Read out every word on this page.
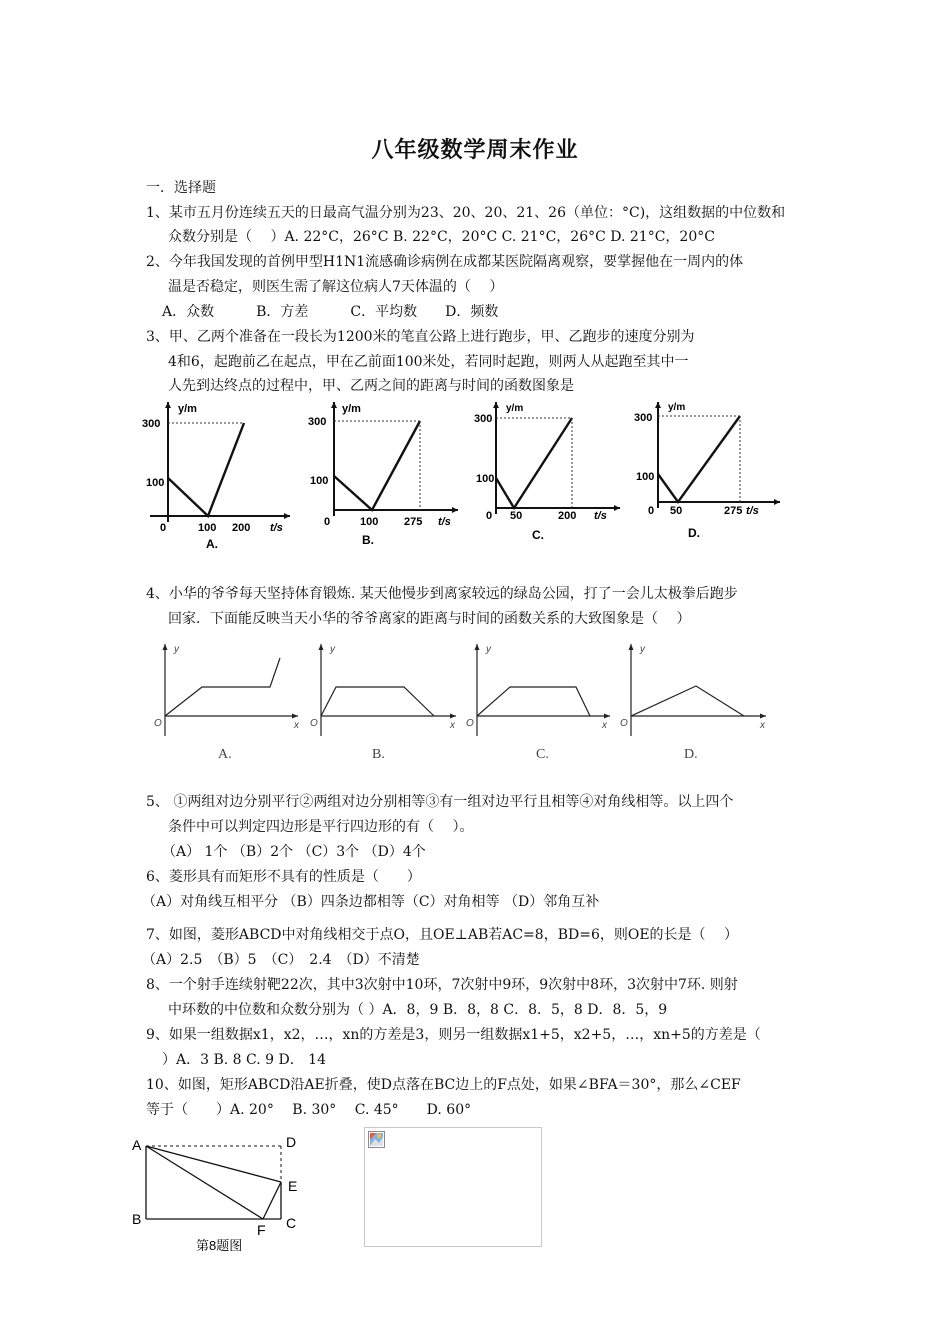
八年级数学周末作业
一．选择题
1、某市五月份连续五天的日最高气温分别为23、20、20、21、26（单位：°C)，这组数据的中位数和
众数分别是（　 ）A. 22°C，26°C B. 22°C，20°C C. 21°C，26°C D. 21°C，20°C
2、今年我国发现的首例甲型H1N1流感确诊病例在成都某医院隔离观察，要掌握他在一周内的体
温是否稳定，则医生需了解这位病人7天体温的（　 ）
A．众数　　　B．方差　　　C．平均数　　D．频数
3、甲、乙两个准备在一段长为1200米的笔直公路上进行跑步，甲、乙跑步的速度分别为
4和6，起跑前乙在起点，甲在乙前面100米处，若同时起跑，则两人从起跑至其中一
人先到达终点的过程中，甲、乙两之间的距离与时间的函数图象是
y/m
300
100
0	100 200 t/s
A.
y/m
300
100
0	100 275 t/s
B.
y/m
300
100
0 50	200 t/s
C.
y/m
300
100
0 50	275 t/s
D.
4、小华的爷爷每天坚持体育锻炼. 某天他慢步到离家较远的绿岛公园，打了一会儿太极拳后跑步
回家．下面能反映当天小华的爷爷离家的距离与时间的函数关系的大致图象是（　 ）
y
O	x
A.
y
O	x
B.
y
O	x
C.
y
O	x
D.
5、 ①两组对边分别平行②两组对边分别相等③有一组对边平行且相等④对角线相等。以上四个
条件中可以判定四边形是平行四边形的有（　 ）。
（A） 1个 （B）2个 （C）3个 （D）4个
6、菱形具有而矩形不具有的性质是（　　）
（A）对角线互相平分 （B）四条边都相等（C）对角相等 （D）邻角互补
7、如图，菱形ABCD中对角线相交于点O，且OE⊥AB若AC=8，BD=6，则OE的长是（　 ）
（A）2.5　（B）5　（C）　2.4　（D）不清楚
8、一个射手连续射靶22次，其中3次射中10环，7次射中9环，9次射中8环，3次射中7环. 则射
中环数的中位数和众数分别为（ ）A．8，9 B．8，8 C．8．5，8 D．8．5，9
9、如果一组数据x1，x2，…，xn的方差是3，则另一组数据x1+5，x2+5，…，xn+5的方差是（
）A．3 B. 8 C. 9 D． 14
10、如图，矩形ABCD沿AE折叠，使D点落在BC边上的F点处，如果∠BFA＝30°，那么∠CEF
等于（　　）A. 20°　 B. 30°　 C. 45°　　D. 60°
A	D
E
B	C
F
第8题图
